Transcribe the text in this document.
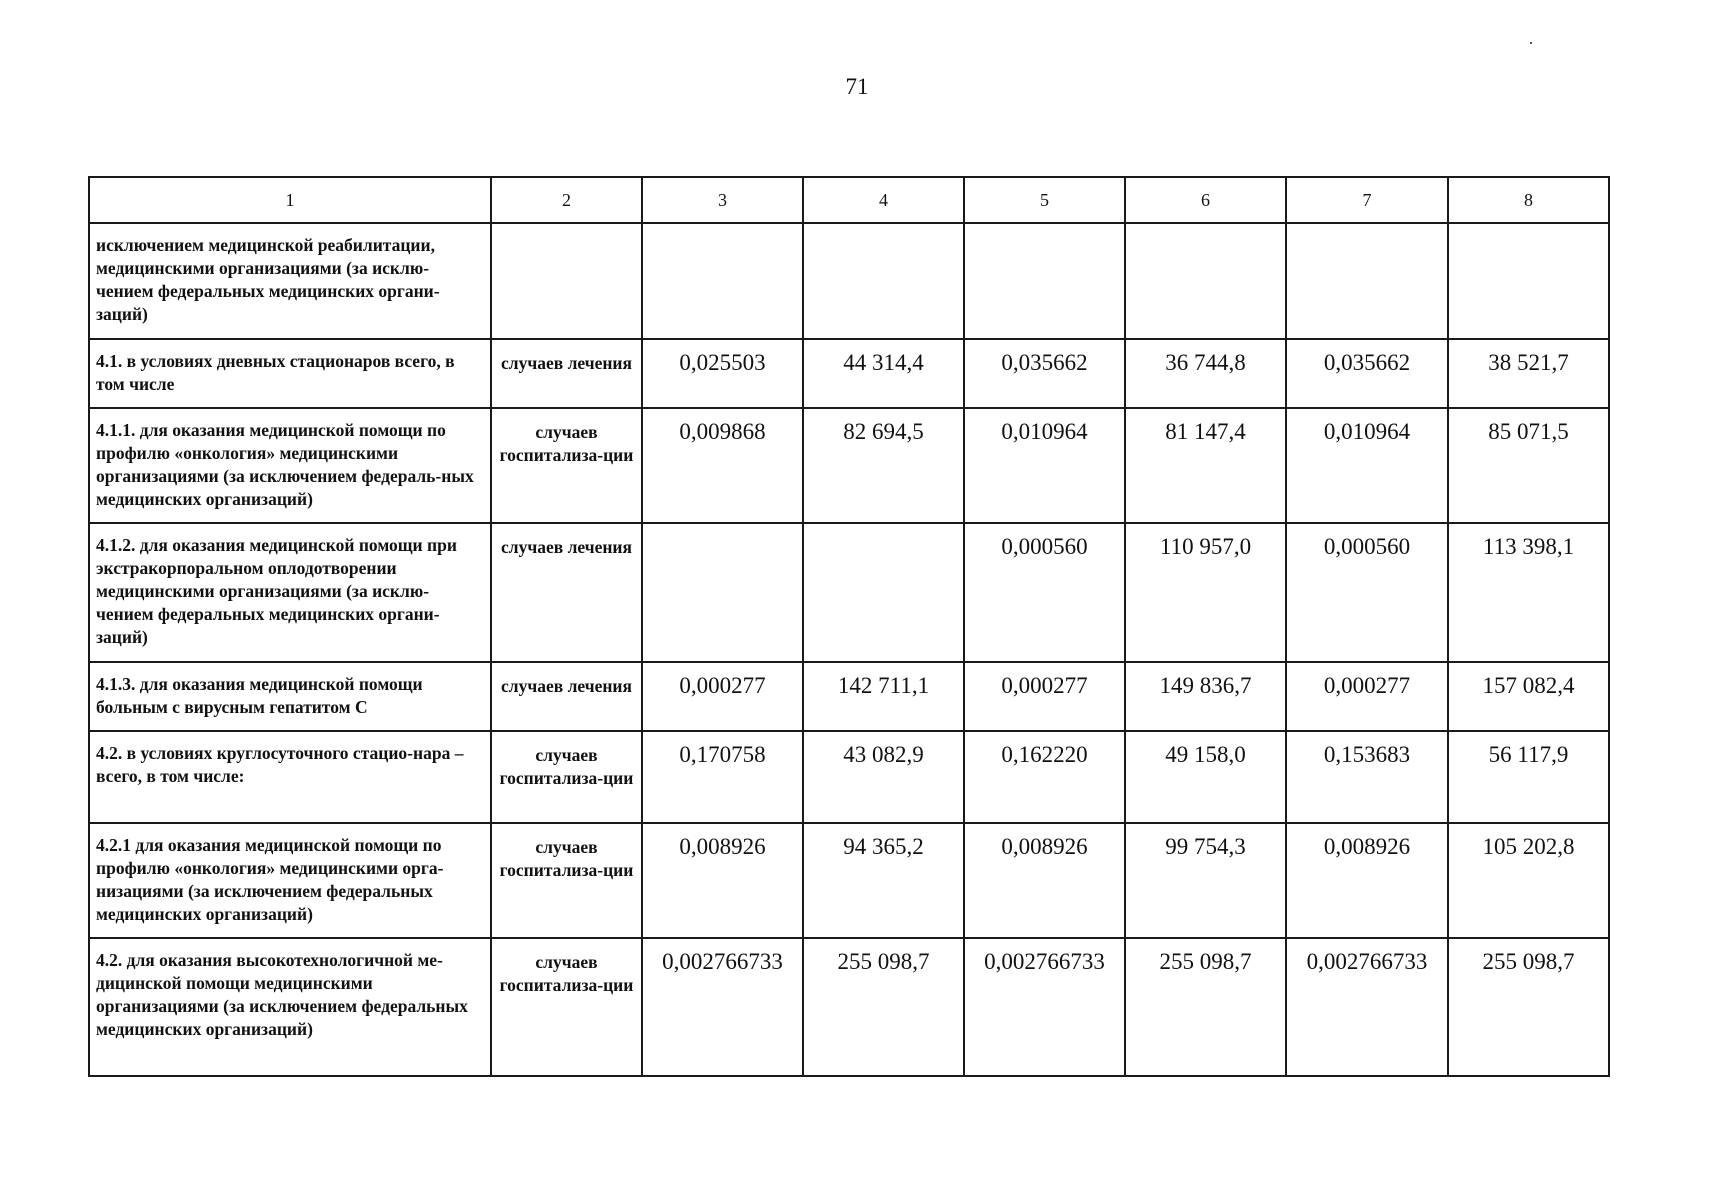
71
1	2	3	4	5	6	7	8
исключением медицинской реабилитации, медицинскими организациями (за исклю-чением федеральных медицинских органи-заций)							
4.1. в условиях дневных стационаров всего, в том числе	случаев лечения	0,025503	44 314,4	0,035662	36 744,8	0,035662	38 521,7
4.1.1. для оказания медицинской помощи по профилю «онкология» медицинскими организациями (за исключением федераль-ных медицинских организаций)	случаев госпитализа-ции	0,009868	82 694,5	0,010964	81 147,4	0,010964	85 071,5
4.1.2. для оказания медицинской помощи при экстракорпоральном оплодотворении медицинскими организациями (за исклю-чением федеральных медицинских органи-заций)	случаев лечения			0,000560	110 957,0	0,000560	113 398,1
4.1.3. для оказания медицинской помощи больным с вирусным гепатитом С	случаев лечения	0,000277	142 711,1	0,000277	149 836,7	0,000277	157 082,4
4.2. в условиях круглосуточного стацио-нара – всего, в том числе:	случаев госпитализа-ции	0,170758	43 082,9	0,162220	49 158,0	0,153683	56 117,9
4.2.1 для оказания медицинской помощи по профилю «онкология» медицинскими орга-низациями (за исключением федеральных медицинских организаций)	случаев госпитализа-ции	0,008926	94 365,2	0,008926	99 754,3	0,008926	105 202,8
4.2. для оказания высокотехнологичной ме-дицинской помощи медицинскими организациями (за исключением федеральных медицинских организаций)	случаев госпитализа-ции	0,002766733	255 098,7	0,002766733	255 098,7	0,002766733	255 098,7
